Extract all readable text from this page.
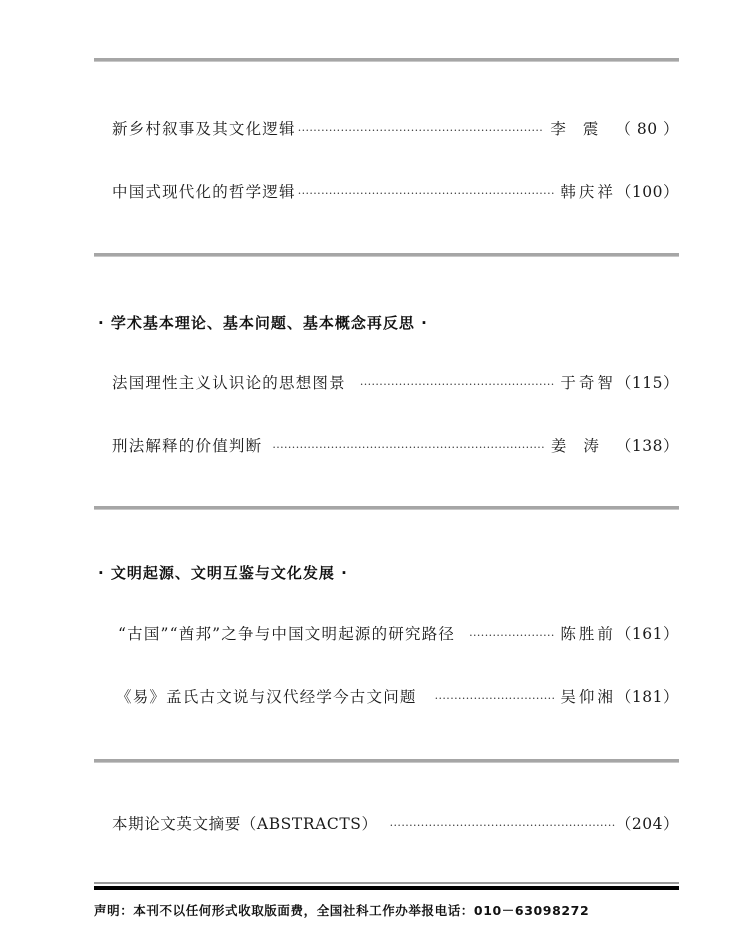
新乡村叙事及其文化逻辑 ·····	李震 （ 80 ）
中国式现代化的哲学逻辑 ·····	韩庆祥 （100）
· 学术基本理论、基本问题、基本概念再反思 ·
法国理性主义认识论的思想图景 ·····	于奇智 （115）
刑法解释的价值判断 ·····	姜涛 （138）
· 文明起源、文明互鉴与文化发展 ·
“古国”“酋邦”之争与中国文明起源的研究路径 ·····	陈胜前 （161）
《易》孟氏古文说与汉代经学今古文问题 ·····	吴仰湘 （181）
本期论文英文摘要（ABSTRACTS） ·····	（204）
声明：本刊不以任何形式收取版面费，全国社科工作办举报电话：010－63098272
